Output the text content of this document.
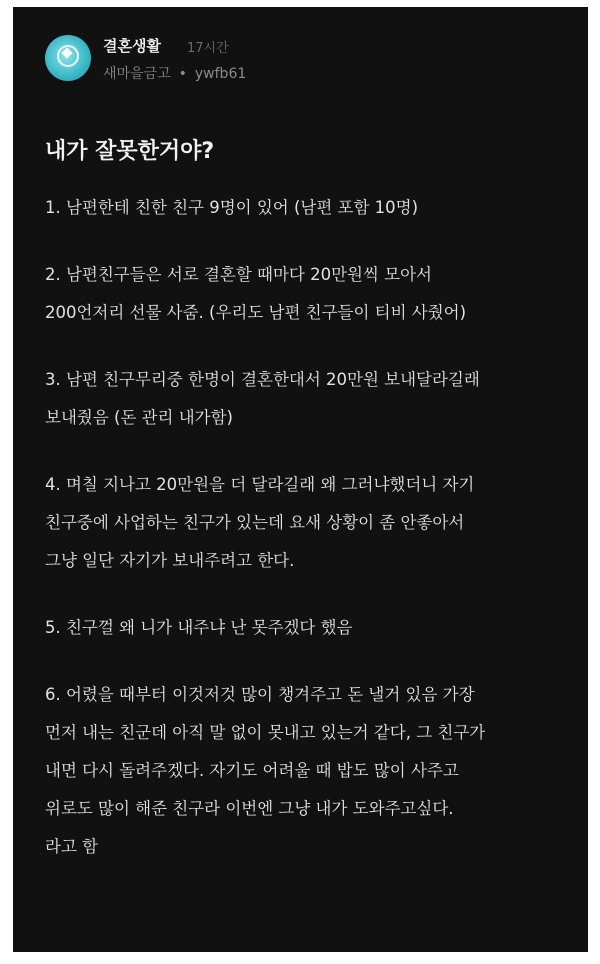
결혼생활 17시간
새마을금고 • ywfb61
내가 잘못한거야?
1. 남편한테 친한 친구 9명이 있어 (남편 포함 10명)
2. 남편친구들은 서로 결혼할 때마다 20만원씩 모아서
200언저리 선물 사줌. (우리도 남편 친구들이 티비 사줬어)
3. 남편 친구무리중 한명이 결혼한대서 20만원 보내달라길래
보내줬음 (돈 관리 내가함)
4. 며칠 지나고 20만원을 더 달라길래 왜 그러냐했더니 자기
친구중에 사업하는 친구가 있는데 요새 상황이 좀 안좋아서
그냥 일단 자기가 보내주려고 한다.
5. 친구껄 왜 니가 내주냐 난 못주겠다 했음
6. 어렸을 때부터 이것저것 많이 챙겨주고 돈 낼거 있음 가장
먼저 내는 친군데 아직 말 없이 못내고 있는거 같다, 그 친구가
내면 다시 돌려주겠다. 자기도 어려울 때 밥도 많이 사주고
위로도 많이 해준 친구라 이번엔 그냥 내가 도와주고싶다.
라고 함
